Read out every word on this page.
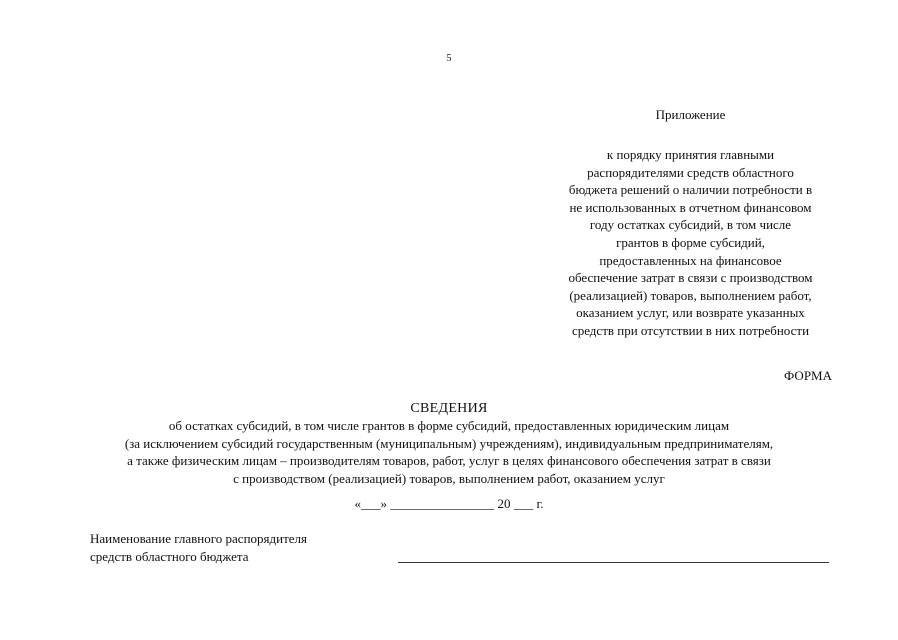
5
Приложение
к порядку принятия главными
распорядителями средств областного
бюджета решений о наличии потребности в
не использованных в отчетном финансовом
году остатках субсидий, в том числе
грантов в форме субсидий,
предоставленных на финансовое
обеспечение затрат в связи с производством
(реализацией) товаров, выполнением работ,
оказанием услуг, или возврате указанных
средств при отсутствии в них потребности
ФОРМА
СВЕДЕНИЯ
об остатках субсидий, в том числе грантов в форме субсидий, предоставленных юридическим лицам
(за исключением субсидий государственным (муниципальным) учреждениям), индивидуальным предпринимателям,
а также физическим лицам – производителям товаров, работ, услуг в целях финансового обеспечения затрат в связи
с производством (реализацией) товаров, выполнением работ, оказанием услуг
«___» ________________ 20 ___ г.
Наименование главного распорядителя
средств областного бюджета
